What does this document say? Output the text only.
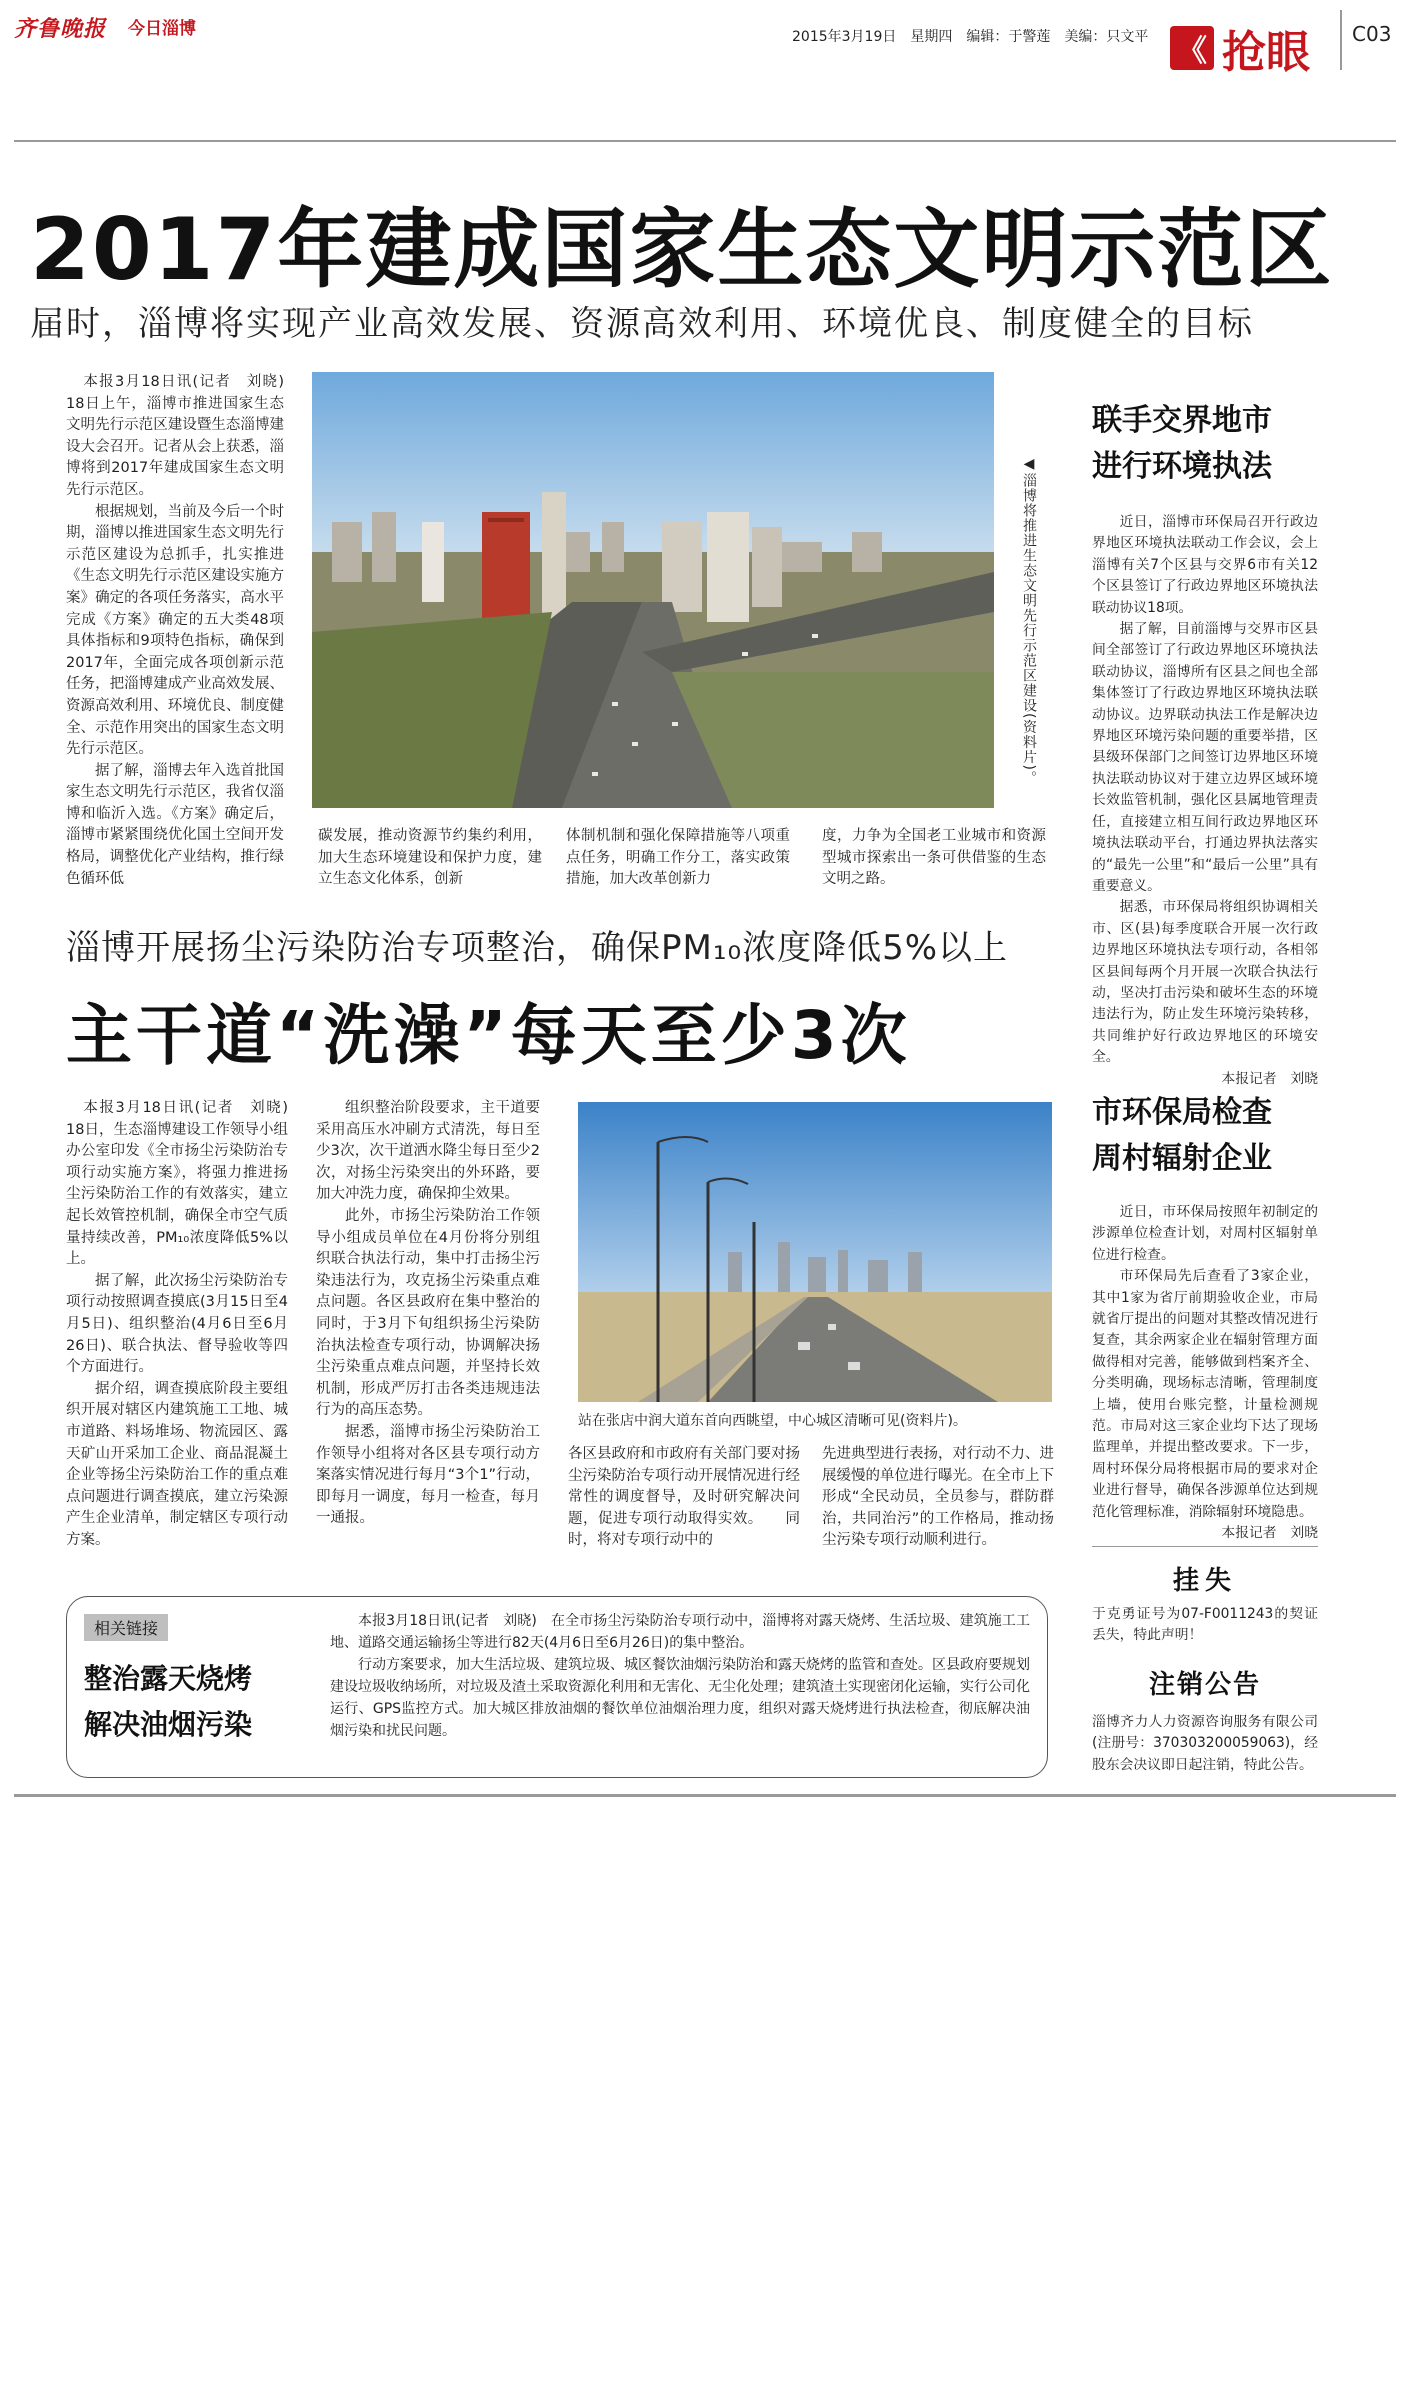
齐鲁晚报 今日淄博	2015年3月19日　星期四　编辑：于警莲　美编：只文平 《 抢眼 C03
2017年建成国家生态文明示范区
届时，淄博将实现产业高效发展、资源高效利用、环境优良、制度健全的目标

本报3月18日讯(记者　刘晓)　18日上午，淄博市推进国家生态文明先行示范区建设暨生态淄博建设大会召开。记者从会上获悉，淄博将到2017年建成国家生态文明先行示范区。

根据规划，当前及今后一个时期，淄博以推进国家生态文明先行示范区建设为总抓手，扎实推进《生态文明先行示范区建设实施方案》确定的各项任务落实，高水平完成《方案》确定的五大类48项具体指标和9项特色指标，确保到2017年，全面完成各项创新示范任务，把淄博建成产业高效发展、资源高效利用、环境优良、制度健全、示范作用突出的国家生态文明先行示范区。

据了解，淄博去年入选首批国家生态文明先行示范区，我省仅淄博和临沂入选。《方案》确定后，淄博市紧紧围绕优化国土空间开发格局，调整优化产业结构，推行绿色循环低

◀淄博将推进生态文明先行示范区建设(资料片)。
碳发展，推动资源节约集约利用，加大生态环境建设和保护力度，建立生态文化体系，创新
体制机制和强化保障措施等八项重点任务，明确工作分工，落实政策措施，加大改革创新力
度，力争为全国老工业城市和资源型城市探索出一条可供借鉴的生态文明之路。
联手交界地市
进行环境执法

近日，淄博市环保局召开行政边界地区环境执法联动工作会议，会上淄博有关7个区县与交界6市有关12个区县签订了行政边界地区环境执法联动协议18项。

据了解，目前淄博与交界市区县间全部签订了行政边界地区环境执法联动协议，淄博所有区县之间也全部集体签订了行政边界地区环境执法联动协议。边界联动执法工作是解决边界地区环境污染问题的重要举措，区县级环保部门之间签订边界地区环境执法联动协议对于建立边界区域环境长效监管机制，强化区县属地管理责任，直接建立相互间行政边界地区环境执法联动平台，打通边界执法落实的“最先一公里”和“最后一公里”具有重要意义。

据悉，市环保局将组织协调相关市、区(县)每季度联合开展一次行政边界地区环境执法专项行动，各相邻区县间每两个月开展一次联合执法行动，坚决打击污染和破坏生态的环境违法行为，防止发生环境污染转移，共同维护好行政边界地区的环境安全。

本报记者　刘晓
市环保局检查
周村辐射企业

近日，市环保局按照年初制定的涉源单位检查计划，对周村区辐射单位进行检查。

市环保局先后查看了3家企业，其中1家为省厅前期验收企业，市局就省厅提出的问题对其整改情况进行复查，其余两家企业在辐射管理方面做得相对完善，能够做到档案齐全、分类明确，现场标志清晰，管理制度上墙，使用台账完整，计量检测规范。市局对这三家企业均下达了现场监理单，并提出整改要求。下一步，周村环保分局将根据市局的要求对企业进行督导，确保各涉源单位达到规范化管理标准，消除辐射环境隐患。

本报记者　刘晓
挂失
于克勇证号为07-F0011243的契证丢失，特此声明！
注销公告
淄博齐力人力资源咨询服务有限公司(注册号：370303200059063)，经股东会决议即日起注销，特此公告。
淄博开展扬尘污染防治专项整治，确保PM₁₀浓度降低5%以上
主干道“洗澡”每天至少3次

本报3月18日讯(记者　刘晓)　18日，生态淄博建设工作领导小组办公室印发《全市扬尘污染防治专项行动实施方案》，将强力推进扬尘污染防治工作的有效落实，建立起长效管控机制，确保全市空气质量持续改善，PM₁₀浓度降低5%以上。

据了解，此次扬尘污染防治专项行动按照调查摸底(3月15日至4月5日)、组织整治(4月6日至6月26日)、联合执法、督导验收等四个方面进行。

据介绍，调查摸底阶段主要组织开展对辖区内建筑施工工地、城市道路、料场堆场、物流园区、露天矿山开采加工企业、商品混凝土企业等扬尘污染防治工作的重点难点问题进行调查摸底，建立污染源产生企业清单，制定辖区专项行动方案。

组织整治阶段要求，主干道要采用高压水冲刷方式清洗，每日至少3次，次干道洒水降尘每日至少2次，对扬尘污染突出的外环路，要加大冲洗力度，确保抑尘效果。

此外，市扬尘污染防治工作领导小组成员单位在4月份将分别组织联合执法行动，集中打击扬尘污染违法行为，攻克扬尘污染重点难点问题。各区县政府在集中整治的同时，于3月下旬组织扬尘污染防治执法检查专项行动，协调解决扬尘污染重点难点问题，并坚持长效机制，形成严厉打击各类违规违法行为的高压态势。

据悉，淄博市扬尘污染防治工作领导小组将对各区县专项行动方案落实情况进行每月“3个1”行动，即每月一调度，每月一检查，每月一通报。

站在张店中润大道东首向西眺望，中心城区清晰可见(资料片)。
各区县政府和市政府有关部门要对扬尘污染防治专项行动开展情况进行经常性的调度督导，及时研究解决问题，促进专项行动取得实效。　　同时，将对专项行动中的
先进典型进行表扬，对行动不力、进展缓慢的单位进行曝光。在全市上下形成“全民动员，全员参与，群防群治，共同治污”的工作格局，推动扬尘污染专项行动顺利进行。
相关链接
整治露天烧烤
解决油烟污染

本报3月18日讯(记者　刘晓)　在全市扬尘污染防治专项行动中，淄博将对露天烧烤、生活垃圾、建筑施工工地、道路交通运输扬尘等进行82天(4月6日至6月26日)的集中整治。

行动方案要求，加大生活垃圾、建筑垃圾、城区餐饮油烟污染防治和露天烧烤的监管和查处。区县政府要规划建设垃圾收纳场所，对垃圾及渣土采取资源化利用和无害化、无尘化处理；建筑渣土实现密闭化运输，实行公司化运行、GPS监控方式。加大城区排放油烟的餐饮单位油烟治理力度，组织对露天烧烤进行执法检查，彻底解决油烟污染和扰民问题。
